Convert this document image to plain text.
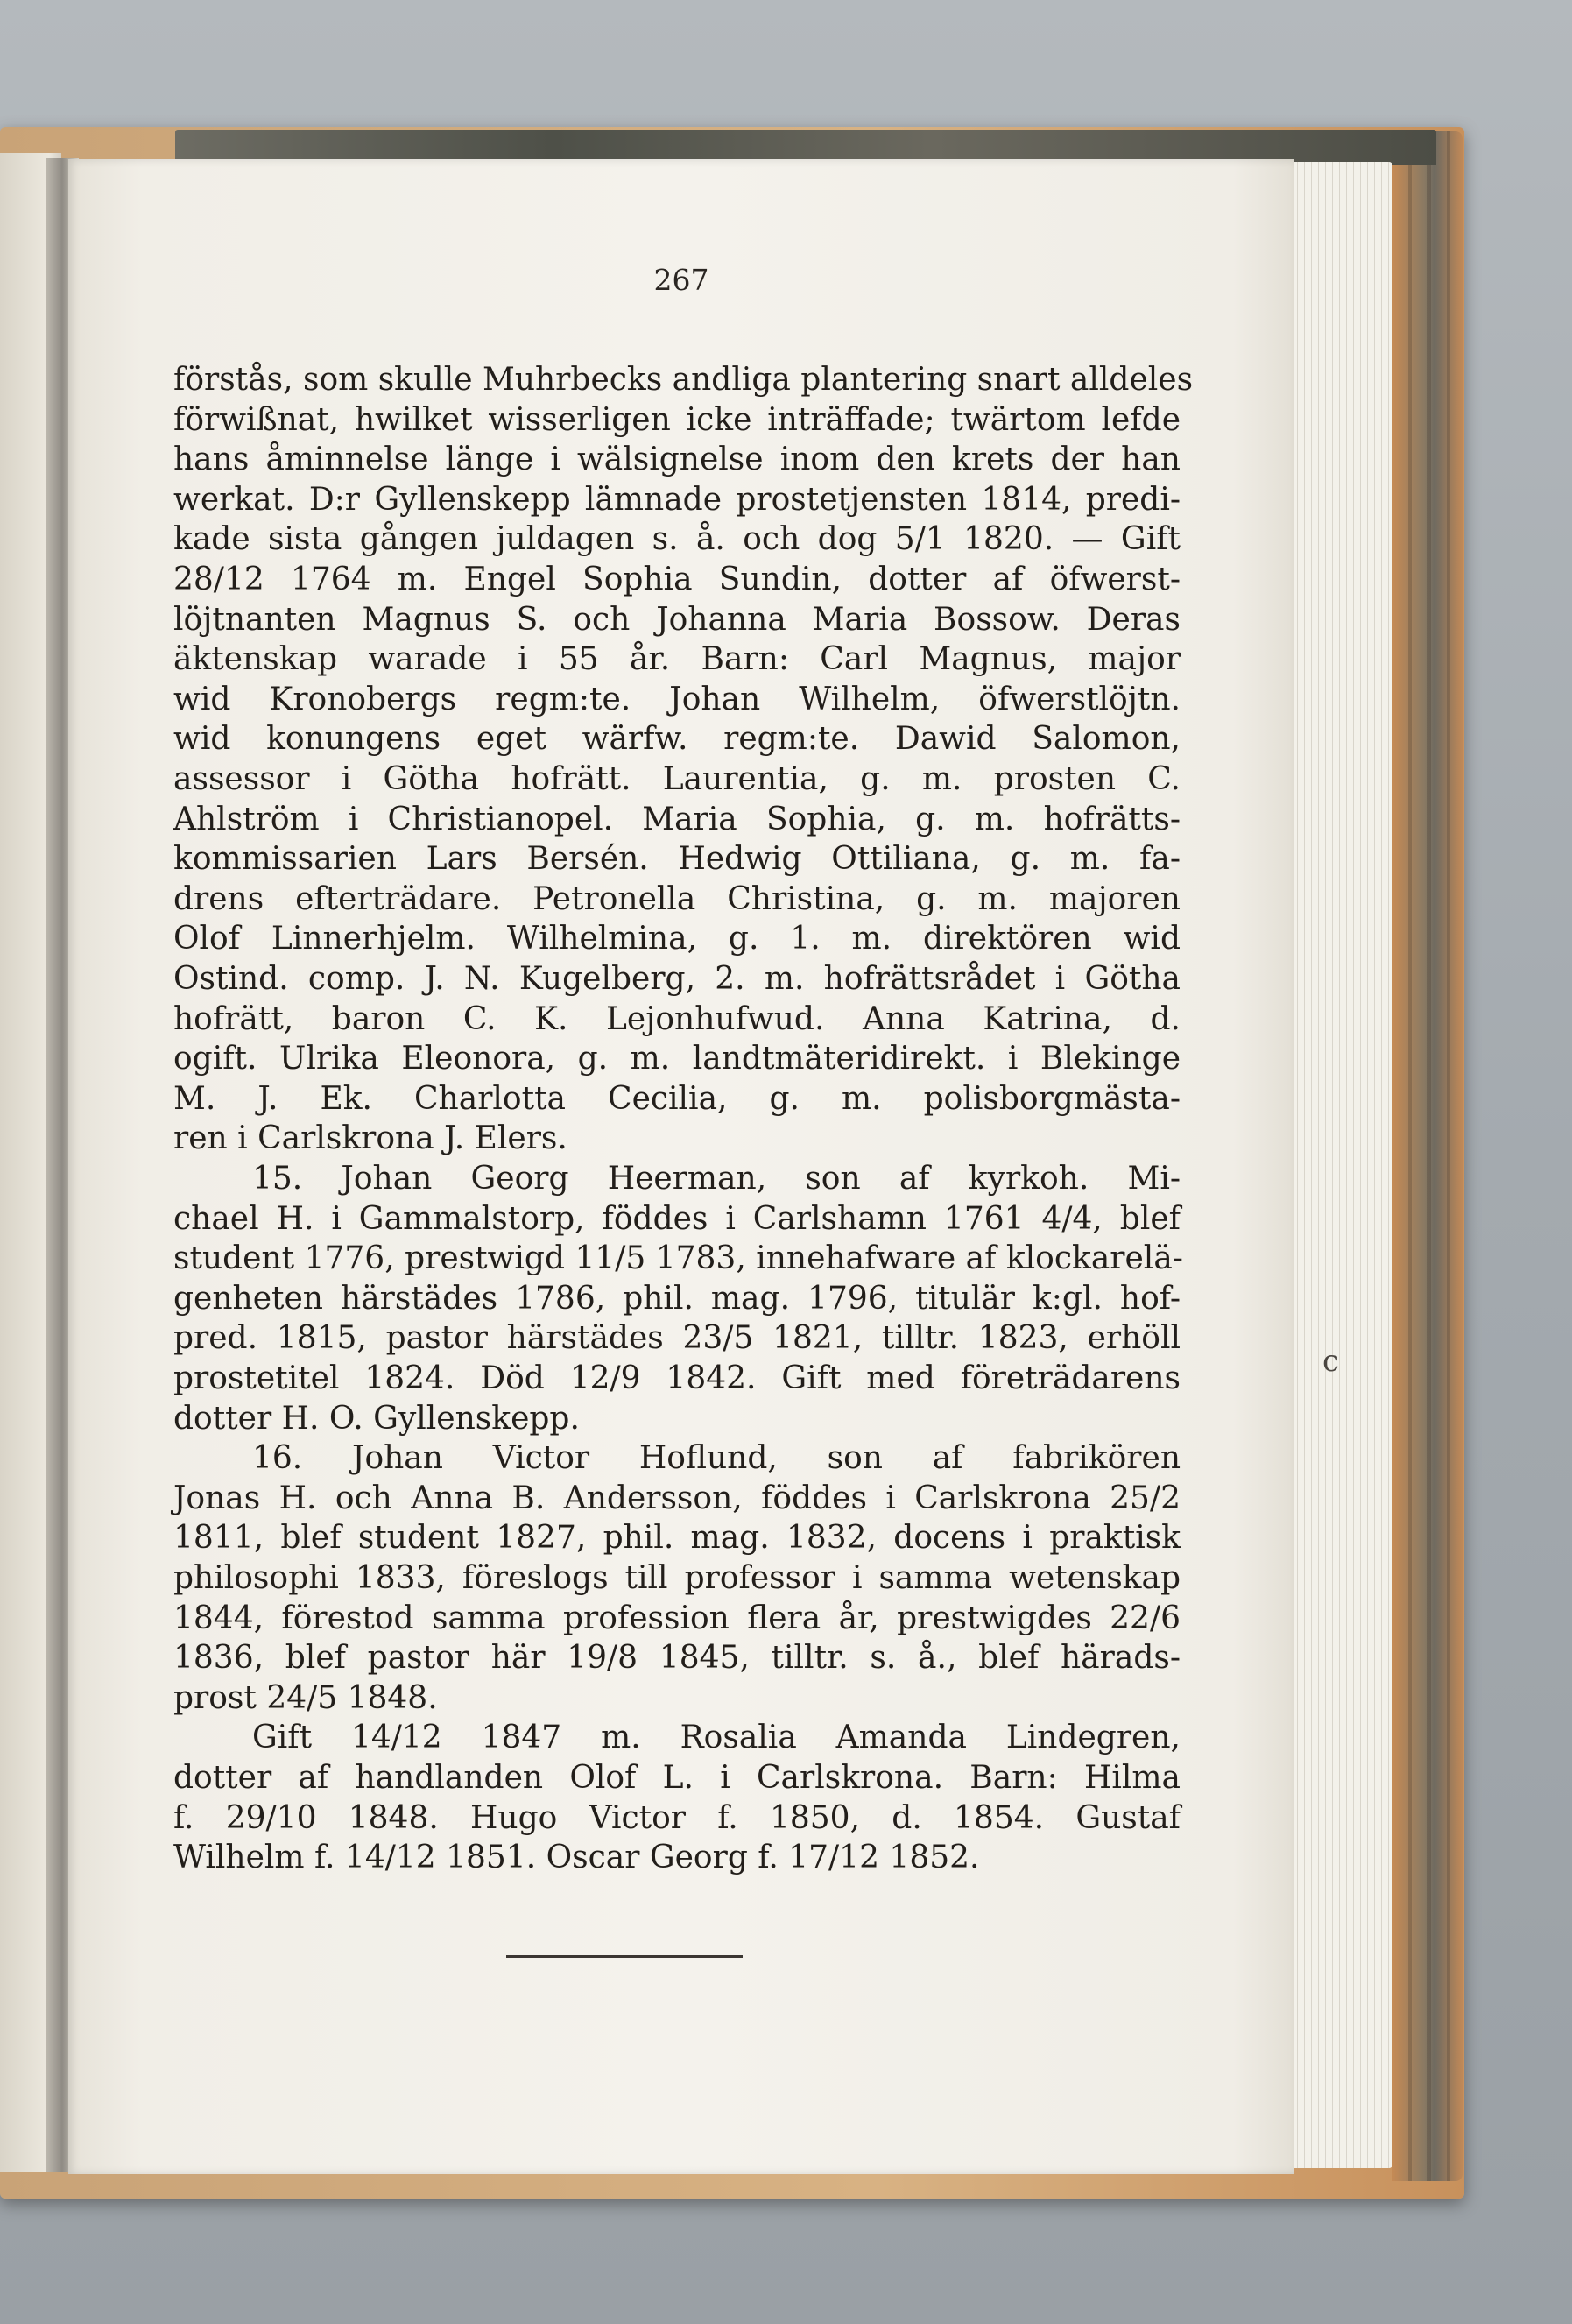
267

förstås, som skulle Muhrbecks andliga plantering snart alldeles

förwißnat, hwilket wisserligen icke inträffade; twärtom lefde

hans åminnelse länge i wälsignelse inom den krets der han

werkat. D:r Gyllenskepp lämnade prostetjensten 1814, predi-

kade sista gången juldagen s. å. och dog 5/1 1820. — Gift

28/12 1764 m. Engel Sophia Sundin, dotter af öfwerst-

löjtnanten Magnus S. och Johanna Maria Bossow. Deras

äktenskap warade i 55 år. Barn: Carl Magnus, major

wid Kronobergs regm:te. Johan Wilhelm, öfwerstlöjtn.

wid konungens eget wärfw. regm:te. Dawid Salomon,

assessor i Götha hofrätt. Laurentia, g. m. prosten C.

Ahlström i Christianopel. Maria Sophia, g. m. hofrätts-

kommissarien Lars Bersén. Hedwig Ottiliana, g. m. fa-

drens efterträdare. Petronella Christina, g. m. majoren

Olof Linnerhjelm. Wilhelmina, g. 1. m. direktören wid

Ostind. comp. J. N. Kugelberg, 2. m. hofrättsrådet i Götha

hofrätt, baron C. K. Lejonhufwud. Anna Katrina, d.

ogift. Ulrika Eleonora, g. m. landtmäteridirekt. i Blekinge

M. J. Ek. Charlotta Cecilia, g. m. polisborgmästa-

ren i Carlskrona J. Elers.

15. Johan Georg Heerman, son af kyrkoh. Mi-

chael H. i Gammalstorp, föddes i Carlshamn 1761 4/4, blef

student 1776, prestwigd 11/5 1783, innehafware af klockarelä-

genheten härstädes 1786, phil. mag. 1796, titulär k:gl. hof-

pred. 1815, pastor härstädes 23/5 1821, tilltr. 1823, erhöll

prostetitel 1824. Död 12/9 1842. Gift med företrädarens

dotter H. O. Gyllenskepp.

16. Johan Victor Hoflund, son af fabrikören

Jonas H. och Anna B. Andersson, föddes i Carlskrona 25/2

1811, blef student 1827, phil. mag. 1832, docens i praktisk

philosophi 1833, föreslogs till professor i samma wetenskap

1844, förestod samma profession flera år, prestwigdes 22/6

1836, blef pastor här 19/8 1845, tilltr. s. å., blef härads-

prost 24/5 1848.

Gift 14/12 1847 m. Rosalia Amanda Lindegren,

dotter af handlanden Olof L. i Carlskrona. Barn: Hilma

f. 29/10 1848. Hugo Victor f. 1850, d. 1854. Gustaf

Wilhelm f. 14/12 1851. Oscar Georg f. 17/12 1852.

c
